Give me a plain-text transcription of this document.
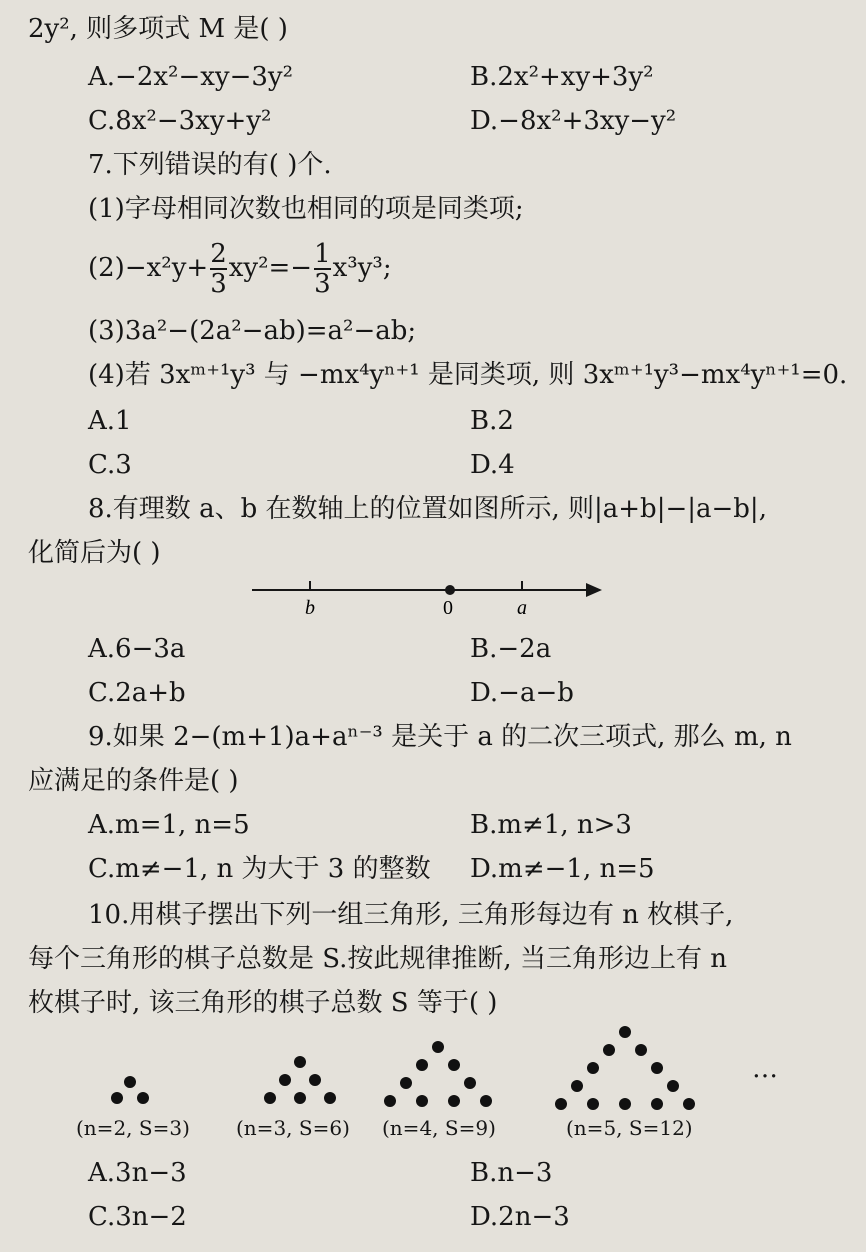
2y², 则多项式 M 是( )
A.−2x²−xy−3y²	B.2x²+xy+3y²
C.8x²−3xy+y²	D.−8x²+3xy−y²
7.下列错误的有( )个.
(1)字母相同次数也相同的项是同类项;
$(2)-x^2y+ \frac{2}{3} xy^2=- \frac{1}{3} x^3y^3$;
(3)3a²−(2a²−ab)=a²−ab;
(4)若 3xᵐ⁺¹y³ 与 −mx⁴yⁿ⁺¹ 是同类项, 则 3xᵐ⁺¹y³−mx⁴yⁿ⁺¹=0.
A.1	B.2
C.3	D.4
8.有理数 a、b 在数轴上的位置如图所示, 则|a+b|−|a−b|,
化简后为( )
b	0	a
A.6−3a	B.−2a
C.2a+b	D.−a−b
9.如果 2−(m+1)a+aⁿ⁻³ 是关于 a 的二次三项式, 那么 m, n
应满足的条件是( )
A.m=1, n=5	B.m≠1, n>3
C.m≠−1, n 为大于 3 的整数 D.m≠−1, n=5
10.用棋子摆出下列一组三角形, 三角形每边有 n 枚棋子,
每个三角形的棋子总数是 S.按此规律推断, 当三角形边上有 n
枚棋子时, 该三角形的棋子总数 S 等于( )
…
(n=2, S=3) (n=3, S=6) (n=4, S=9)	(n=5, S=12)
A.3n−3	B.n−3
C.3n−2	D.2n−3
